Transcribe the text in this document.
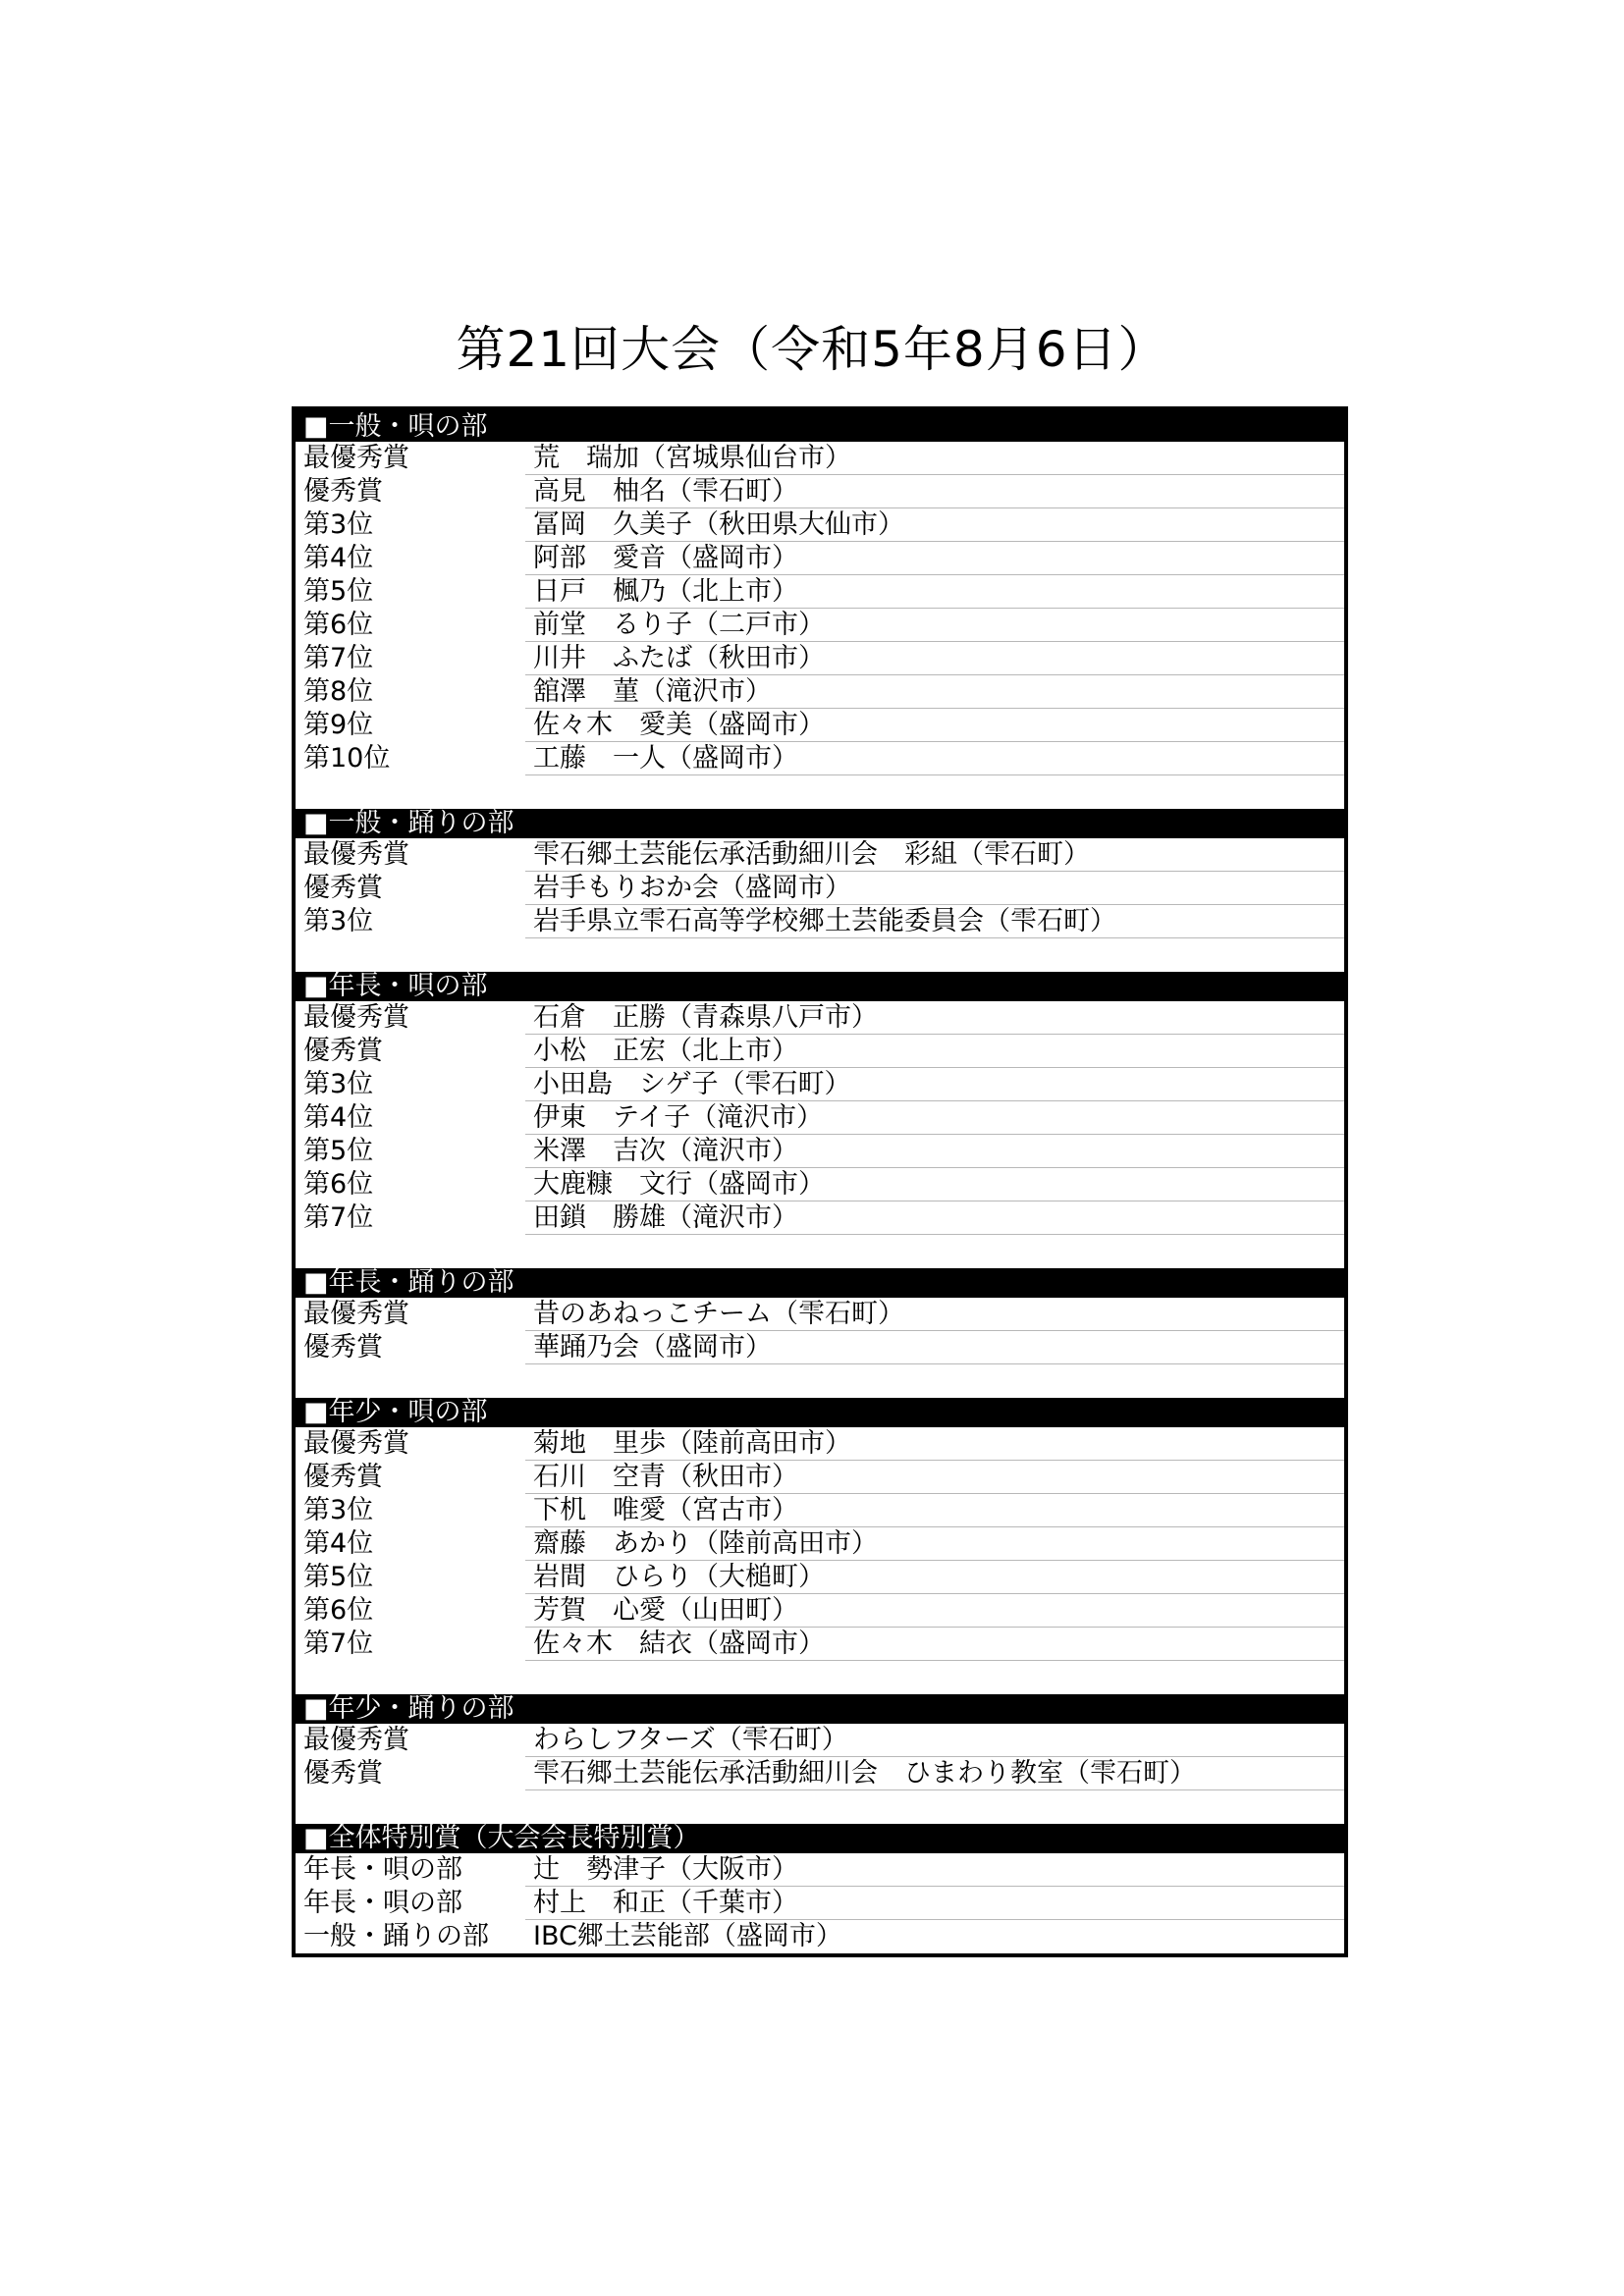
第21回大会（令和5年8月6日）
■一般・唄の部
最優秀賞	荒　瑞加（宮城県仙台市）
優秀賞	高見　柚名（雫石町）
第3位	冨岡　久美子（秋田県大仙市）
第4位	阿部　愛音（盛岡市）
第5位	日戸　楓乃（北上市）
第6位	前堂　るり子（二戸市）
第7位	川井　ふたば（秋田市）
第8位	舘澤　菫（滝沢市）
第9位	佐々木　愛美（盛岡市）
第10位	工藤　一人（盛岡市）
■一般・踊りの部
最優秀賞	雫石郷土芸能伝承活動細川会　彩組（雫石町）
優秀賞	岩手もりおか会（盛岡市）
第3位	岩手県立雫石高等学校郷土芸能委員会（雫石町）
■年長・唄の部
最優秀賞	石倉　正勝（青森県八戸市）
優秀賞	小松　正宏（北上市）
第3位	小田島　シゲ子（雫石町）
第4位	伊東　テイ子（滝沢市）
第5位	米澤　吉次（滝沢市）
第6位	大鹿糠　文行（盛岡市）
第7位	田鎖　勝雄（滝沢市）
■年長・踊りの部
最優秀賞	昔のあねっこチーム（雫石町）
優秀賞	華踊乃会（盛岡市）
■年少・唄の部
最優秀賞	菊地　里歩（陸前高田市）
優秀賞	石川　空青（秋田市）
第3位	下机　唯愛（宮古市）
第4位	齋藤　あかり（陸前高田市）
第5位	岩間　ひらり（大槌町）
第6位	芳賀　心愛（山田町）
第7位	佐々木　結衣（盛岡市）
■年少・踊りの部
最優秀賞	わらしフターズ（雫石町）
優秀賞	雫石郷土芸能伝承活動細川会　ひまわり教室（雫石町）
■全体特別賞（大会会長特別賞）
年長・唄の部	辻　勢津子（大阪市）
年長・唄の部	村上　和正（千葉市）
一般・踊りの部	IBC郷土芸能部（盛岡市）
